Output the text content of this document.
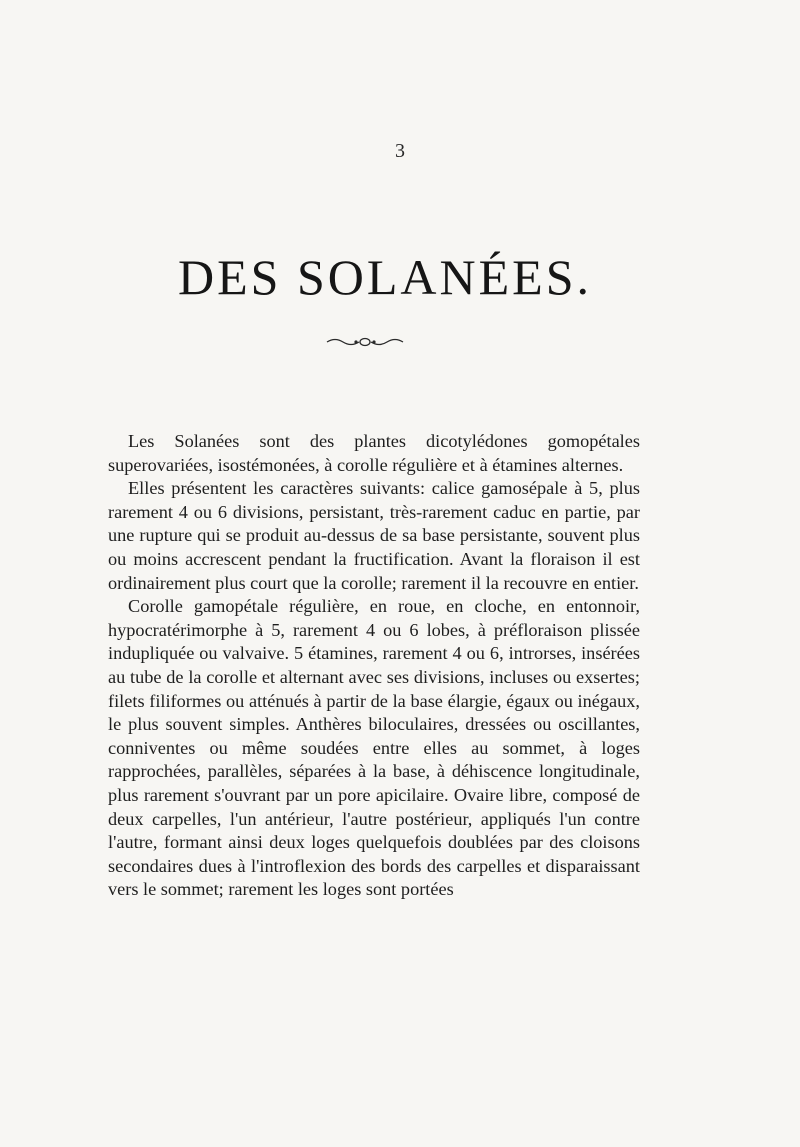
3
DES SOLANÉES.

Les Solanées sont des plantes dicotylédones gomopétales superovariées, isostémonées, à corolle régulière et à étamines alternes.

Elles présentent les caractères suivants: calice gamosépale à 5, plus rarement 4 ou 6 divisions, persistant, très-rarement caduc en partie, par une rupture qui se produit au-dessus de sa base persistante, souvent plus ou moins accrescent pendant la fructification. Avant la floraison il est ordinairement plus court que la corolle; rarement il la recouvre en entier.

Corolle gamopétale régulière, en roue, en cloche, en entonnoir, hypocratérimorphe à 5, rarement 4 ou 6 lobes, à préfloraison plissée indupliquée ou valvaive. 5 étamines, rarement 4 ou 6, introrses, insérées au tube de la corolle et alternant avec ses divisions, incluses ou exsertes; filets filiformes ou atténués à partir de la base élargie, égaux ou inégaux, le plus souvent simples. Anthères biloculaires, dressées ou oscillantes, conniventes ou même soudées entre elles au sommet, à loges rapprochées, parallèles, séparées à la base, à déhiscence longitudinale, plus rarement s'ouvrant par un pore apicilaire. Ovaire libre, composé de deux carpelles, l'un antérieur, l'autre postérieur, appliqués l'un contre l'autre, formant ainsi deux loges quelquefois doublées par des cloisons secondaires dues à l'introflexion des bords des carpelles et disparaissant vers le sommet; rarement les loges sont portées
